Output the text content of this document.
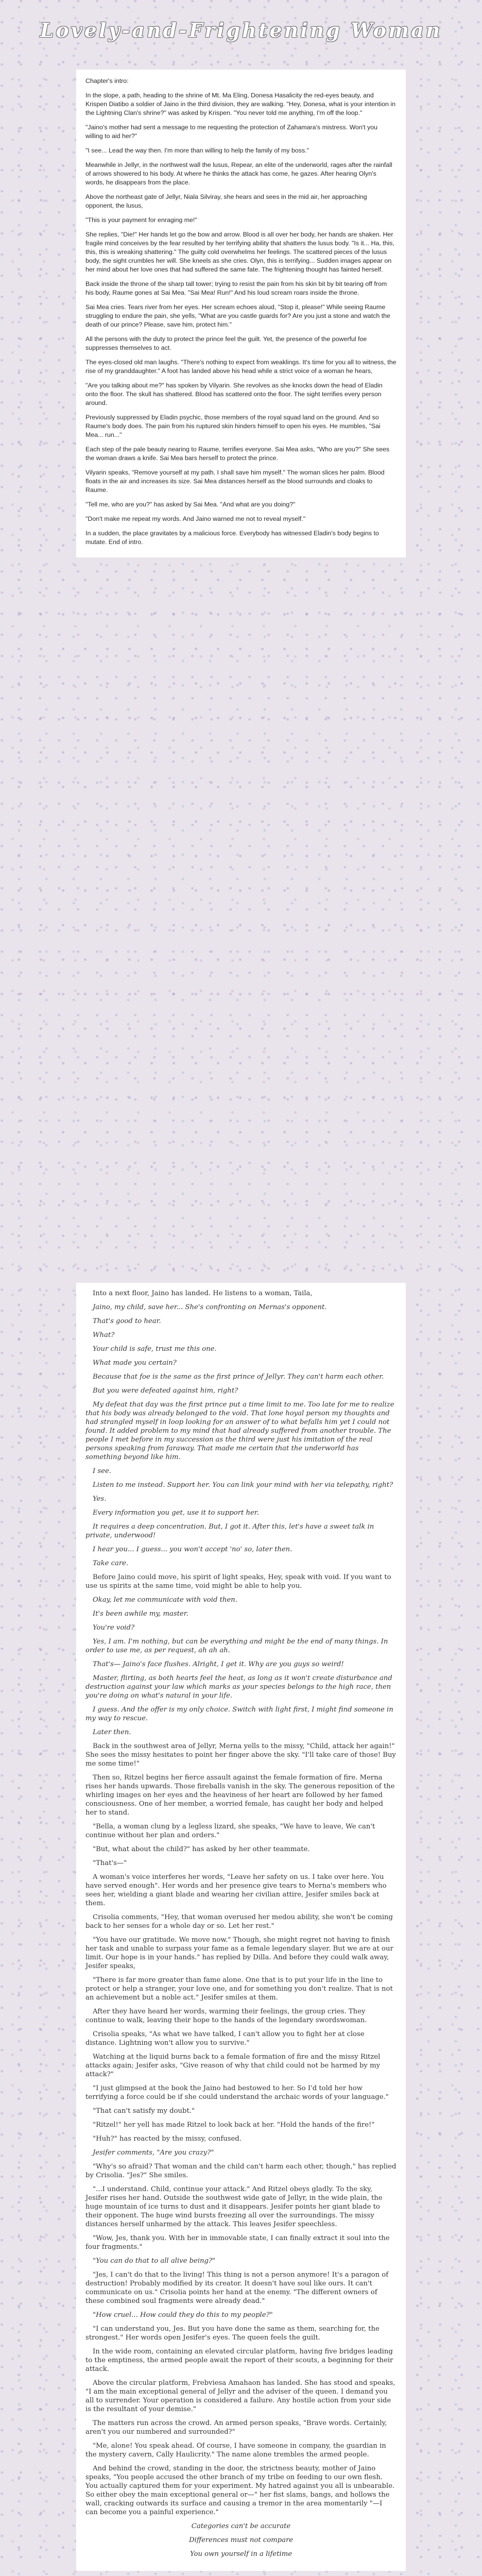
Lovely-and-Frightening Woman

Chapter's intro:

In the slope, a path, heading to the shrine of Mt. Ma Eling, Donesa Hasalicity the red-eyes beauty, and Krispen Diatibo a soldier of Jaino in the third division, they are walking. "Hey, Donesa, what is your intention in the Lightning Clan's shrine?" was asked by Krispen. "You never told me anything, I'm off the loop."

"Jaino's mother had sent a message to me requesting the protection of Zahamara's mistress. Won't you willing to aid her?"

"I see... Lead the way then. I'm more than willing to help the family of my boss."

Meanwhile in Jellyr, in the northwest wall the lusus, Repear, an elite of the underworld, rages after the rainfall of arrows showered to his body. At where he thinks the attack has come, he gazes. After hearing Olyn's words, he disappears from the place.

Above the northeast gate of Jellyr, Niala Silviray, she hears and sees in the mid air, her approaching opponent, the lusus,

"This is your payment for enraging me!"

She replies, "Die!" Her hands let go the bow and arrow. Blood is all over her body, her hands are shaken. Her fragile mind conceives by the fear resulted by her terrifying ability that shatters the lusus body. "Is it... Ha, this, this, this is wreaking shattering." The guilty cold overwhelms her feelings. The scattered pieces of the lusus body, the sight crumbles her will. She kneels as she cries. Olyn, this is terrifying... Sudden images appear on her mind about her love ones that had suffered the same fate. The frightening thought has fainted herself.

Back inside the throne of the sharp tall tower; trying to resist the pain from his skin bit by bit tearing off from his body, Raume gones at Sai Mea. "Sai Mea! Run!" And his loud scream roars inside the throne.

Sai Mea cries. Tears river from her eyes. Her scream echoes aloud, "Stop it, please!" While seeing Raume struggling to endure the pain, she yells, "What are you castle guards for? Are you just a stone and watch the death of our prince? Please, save him, protect him."

All the persons with the duty to protect the prince feel the guilt. Yet, the presence of the powerful foe suppresses themselves to act.

The eyes-closed old man laughs. "There's nothing to expect from weaklings. It's time for you all to witness, the rise of my granddaughter." A foot has landed above his head while a strict voice of a woman he hears,

"Are you talking about me?" has spoken by Vilyarin. She revolves as she knocks down the head of Eladin onto the floor. The skull has shattered. Blood has scattered onto the floor. The sight terrifies every person around.

Previously suppressed by Eladin psychic, those members of the royal squad land on the ground. And so Raume's body does. The pain from his ruptured skin hinders himself to open his eyes. He mumbles, "Sai Mea... run..."

Each step of the pale beauty nearing to Raume, terrifies everyone. Sai Mea asks, "Who are you?" She sees the woman draws a knife. Sai Mea bars herself to protect the prince.

Vilyarin speaks, "Remove yourself at my path. I shall save him myself." The woman slices her palm. Blood floats in the air and increases its size. Sai Mea distances herself as the blood surrounds and cloaks to Raume.

"Tell me, who are you?" has asked by Sai Mea. "And what are you doing?"

"Don't make me repeat my words. And Jaino warned me not to reveal myself."

In a sudden, the place gravitates by a malicious force. Everybody has witnessed Eladin's body begins to mutate. End of intro.

Into a next floor, Jaino has landed. He listens to a woman, Taila,

Jaino, my child, save her... She's confronting on Mernas's opponent.

That's good to hear.

What?

Your child is safe, trust me this one.

What made you certain?

Because that foe is the same as the first prince of Jellyr. They can't harm each other.

But you were defeated against him, right?

My defeat that day was the first prince put a time limit to me. Too late for me to realize that his body was already belonged to the void. That lone hoyal person my thoughts and had strangled myself in loop looking for an answer of to what befalls him yet I could not found. It added problem to my mind that had already suffered from another trouble. The people I met before in my succession as the third were just his imitation of the real persons speaking from faraway. That made me certain that the underworld has something beyond like him.

I see.

Listen to me instead. Support her. You can link your mind with her via telepathy, right?

Yes.

Every information you get, use it to support her.

It requires a deep concentration. But, I got it. After this, let's have a sweet talk in private, underwood!

I hear you... I guess... you won't accept 'no' so, later then.

Take care.

Before Jaino could move, his spirit of light speaks, Hey, speak with void. If you want to use us spirits at the same time, void might be able to help you.

Okay, let me communicate with void then.

It's been awhile my, master.

You're void?

Yes, I am. I'm nothing, but can be everything and might be the end of many things. In order to use me, as per request, ah ah ah.

That's— Jaino's face flushes. Alright, I get it. Why are you guys so weird!

Master, flirting, as both hearts feel the heat, as long as it won't create disturbance and destruction against your law which marks as your species belongs to the high race, then you're doing on what's natural in your life.

I guess. And the offer is my only choice. Switch with light first, I might find someone in my way to rescue.

Later then.

Back in the southwest area of Jellyr, Merna yells to the missy, "Child, attack her again!" She sees the missy hesitates to point her finger above the sky. "I'll take care of those! Buy me some time!"

Then so, Ritzel begins her fierce assault against the female formation of fire. Merna rises her hands upwards. Those fireballs vanish in the sky. The generous reposition of the whirling images on her eyes and the heaviness of her heart are followed by her famed consciousness. One of her member, a worried female, has caught her body and helped her to stand.

"Bella, a woman clung by a legless lizard, she speaks, "We have to leave, We can't continue without her plan and orders."

"But, what about the child?" has asked by her other teammate.

"That's—"

A woman's voice interferes her words, "Leave her safety on us. I take over here. You have served enough". Her words and her presence give tears to Merna's members who sees her, wielding a giant blade and wearing her civilian attire, Jesifer smiles back at them.

Crisolia comments, "Hey, that woman overused her medou ability, she won't be coming back to her senses for a whole day or so. Let her rest."

"You have our gratitude. We move now." Though, she might regret not having to finish her task and unable to surpass your fame as a female legendary slayer. But we are at our limit. Our hope is in your hands." has replied by Dilla. And before they could walk away, Jesifer speaks,

"There is far more greater than fame alone. One that is to put your life in the line to protect or help a stranger, your love one, and for something you don't realize. That is not an achievement but a noble act." Jesifer smiles at them.

After they have heard her words, warming their feelings, the group cries. They continue to walk, leaving their hope to the hands of the legendary swordswoman.

Crisolia speaks, "As what we have talked, I can't allow you to fight her at close distance. Lightning won't allow you to survive."

Watching at the liquid burns back to a female formation of fire and the missy Ritzel attacks again; Jesifer asks, "Give reason of why that child could not be harmed by my attack?"

"I just glimpsed at the book the Jaino had bestowed to her. So I'd told her how terrifying a force could be if she could understand the archaic words of your language."

"That can't satisfy my doubt."

"Ritzel!" her yell has made Ritzel to look back at her. "Hold the hands of the fire!"

"Huh?" has reacted by the missy, confused.

Jesifer comments, "Are you crazy?"

"Why's so afraid? That woman and the child can't harm each other, though," has replied by Crisolia. "Jes?" She smiles.

"...I understand. Child, continue your attack." And Ritzel obeys gladly. To the sky, Jesifer rises her hand. Outside the southwest wide gate of Jellyr, in the wide plain, the huge mountain of ice turns to dust and it disappears. Jesifer points her giant blade to their opponent. The huge wind bursts freezing all over the surroundings. The missy distances herself unharmed by the attack. This leaves Jesifer speechless.

"Wow, Jes, thank you. With her in immovable state, I can finally extract it soul into the four fragments."

"You can do that to all alive being?"

"Jes, I can't do that to the living! This thing is not a person anymore! It's a paragon of destruction! Probably modified by its creator. It doesn't have soul like ours. It can't communicate on us." Crisolia points her hand at the enemy. "The different owners of these combined soul fragments were already dead."

"How cruel... How could they do this to my people?"

"I can understand you, Jes. But you have done the same as them, searching for, the strongest." Her words open Jesifer's eyes. The queen feels the guilt.

In the wide room, containing an elevated circular platform, having five bridges leading to the emptiness, the armed people await the report of their scouts, a beginning for their attack.

Above the circular platform, Frebviesa Amahaon has landed. She has stood and speaks, "I am the main exceptional general of Jellyr and the adviser of the queen. I demand you all to surrender. Your operation is considered a failure. Any hostile action from your side is the resultant of your demise."

The matters run across the crowd. An armed person speaks, "Brave words. Certainly, aren't you our numbered and surrounded?"

"Me, alone! You speak ahead. Of course, I have someone in company, the guardian in the mystery cavern, Cally Haulicrity." The name alone trembles the armed people.

And behind the crowd, standing in the door, the strictness beauty, mother of Jaino speaks, "You people accused the other branch of my tribe on feeding to our own flesh. You actually captured them for your experiment. My hatred against you all is unbearable. So either obey the main exceptional general or—" her fist slams, bangs, and hollows the wall, cracking outwards its surface and causing a tremor in the area momentarily "—I can become you a painful experience."

Categories can't be accurate

Differences must not compare

You own yourself in a lifetime
